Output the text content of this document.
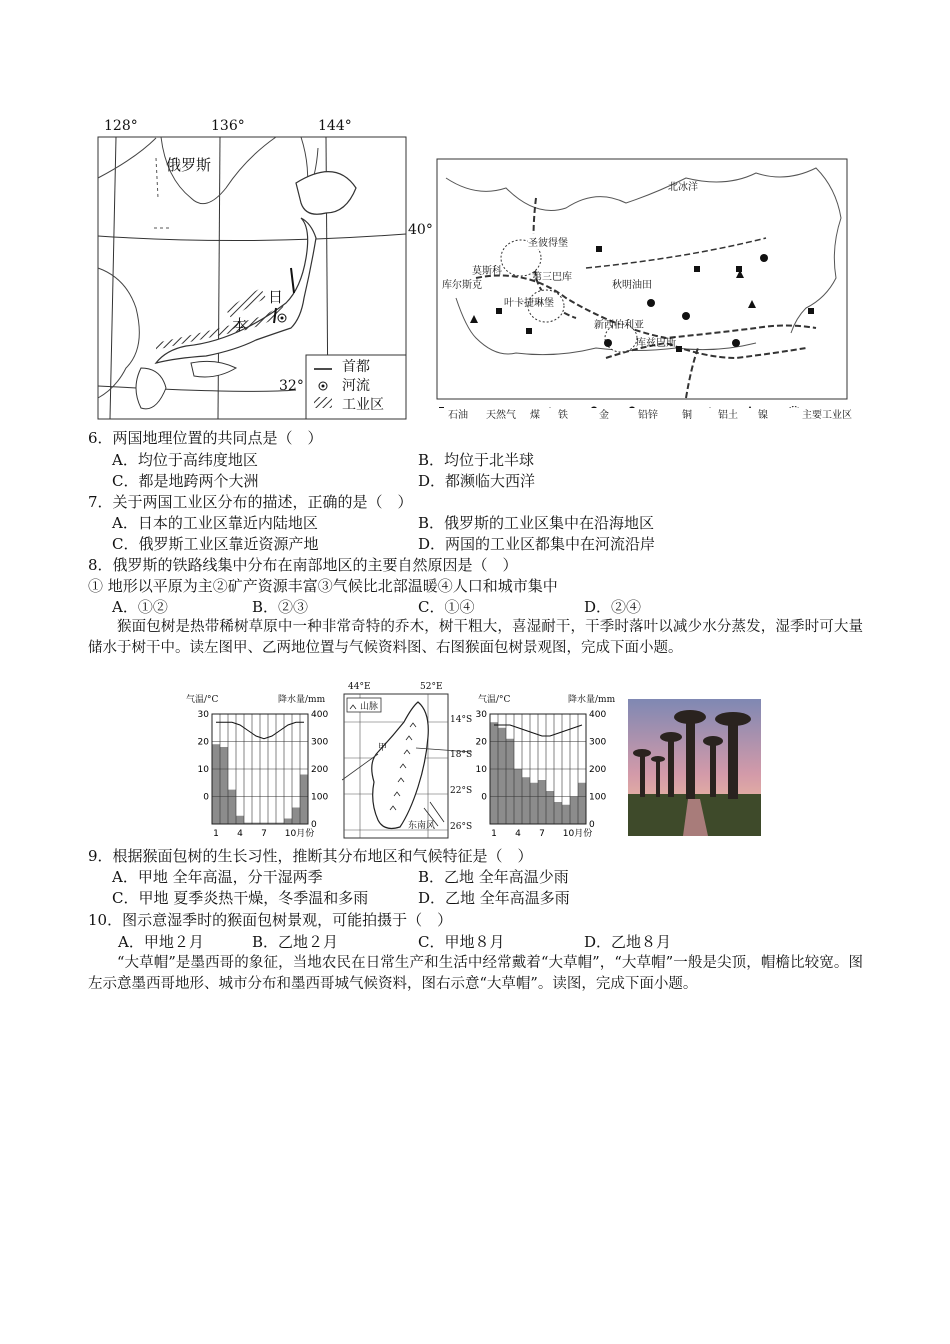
128°	136°	144°
40°
32°
俄罗斯
日
本
首都
河流
工业区
北冰洋
圣彼得堡
莫斯科
库尔斯克
第三巴库
叶卡捷琳堡
秋明油田
新西伯利亚
库兹巴斯
石油 天然气 煤 铁	金	铅锌 铜	铝土 镍	主要工业区
6．两国地理位置的共同点是（　）
A．均位于高纬度地区	B．均位于北半球
C．都是地跨两个大洲	D．都濒临大西洋
7．关于两国工业区分布的描述，正确的是（　）
A．日本的工业区靠近内陆地区	B．俄罗斯的工业区集中在沿海地区
C．俄罗斯工业区靠近资源产地	D．两国的工业区都集中在河流沿岸
8．俄罗斯的铁路线集中分布在南部地区的主要自然原因是（　）
① 地形以平原为主②矿产资源丰富③气候比北部温暖④人口和城市集中
A．①②	B．②③	C．①④	D．②④
猴面包树是热带稀树草原中一种非常奇特的乔木，树干粗大，喜湿耐干，干季时落叶以减少水分蒸发，湿季时可大量储水于树干中。读左图甲、乙两地位置与气候资料图、右图猴面包树景观图，完成下面小题。
30
20
10
0
400
300
200
100
0
1 4 7 10月份
气温/°C	降水量/mm
44°E	52°E
14°S
18°S
22°S
26°S
山脉
甲
东南风
30
20
10
0
400
300
200
100
0
1 4 7 10月份
气温/°C	降水量/mm
9．根据猴面包树的生长习性，推断其分布地区和气候特征是（　）
A．甲地 全年高温，分干湿两季	B．乙地 全年高温少雨
C．甲地 夏季炎热干燥，冬季温和多雨	D．乙地 全年高温多雨
10．图示意湿季时的猴面包树景观，可能拍摄于（　）
A．甲地２月	B．乙地２月	C．甲地８月	D．乙地８月
“大草帽”是墨西哥的象征，当地农民在日常生产和生活中经常戴着“大草帽”，“大草帽”一般是尖顶，帽檐比较宽。图左示意墨西哥地形、城市分布和墨西哥城气候资料，图右示意“大草帽”。读图，完成下面小题。
